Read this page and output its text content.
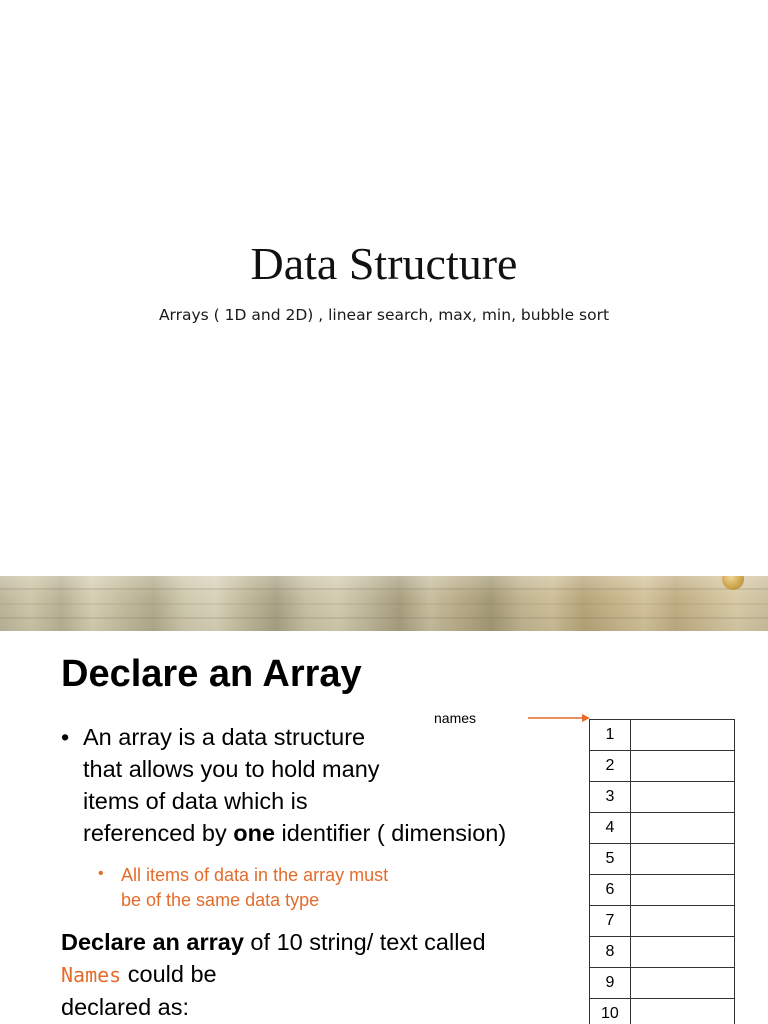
Data Structure
Arrays ( 1D and 2D) , linear search, max, min, bubble sort
Declare an Array
• An array is a data structure
that allows you to hold many
items of data which is
referenced by one identifier ( dimension)
• All items of data in the array must
be of the same data type
Declare an array of 10 string/ text called
Names could be
declared as:
names
1	
2	
3	
4	
5	
6	
7	
8	
9	
10	
